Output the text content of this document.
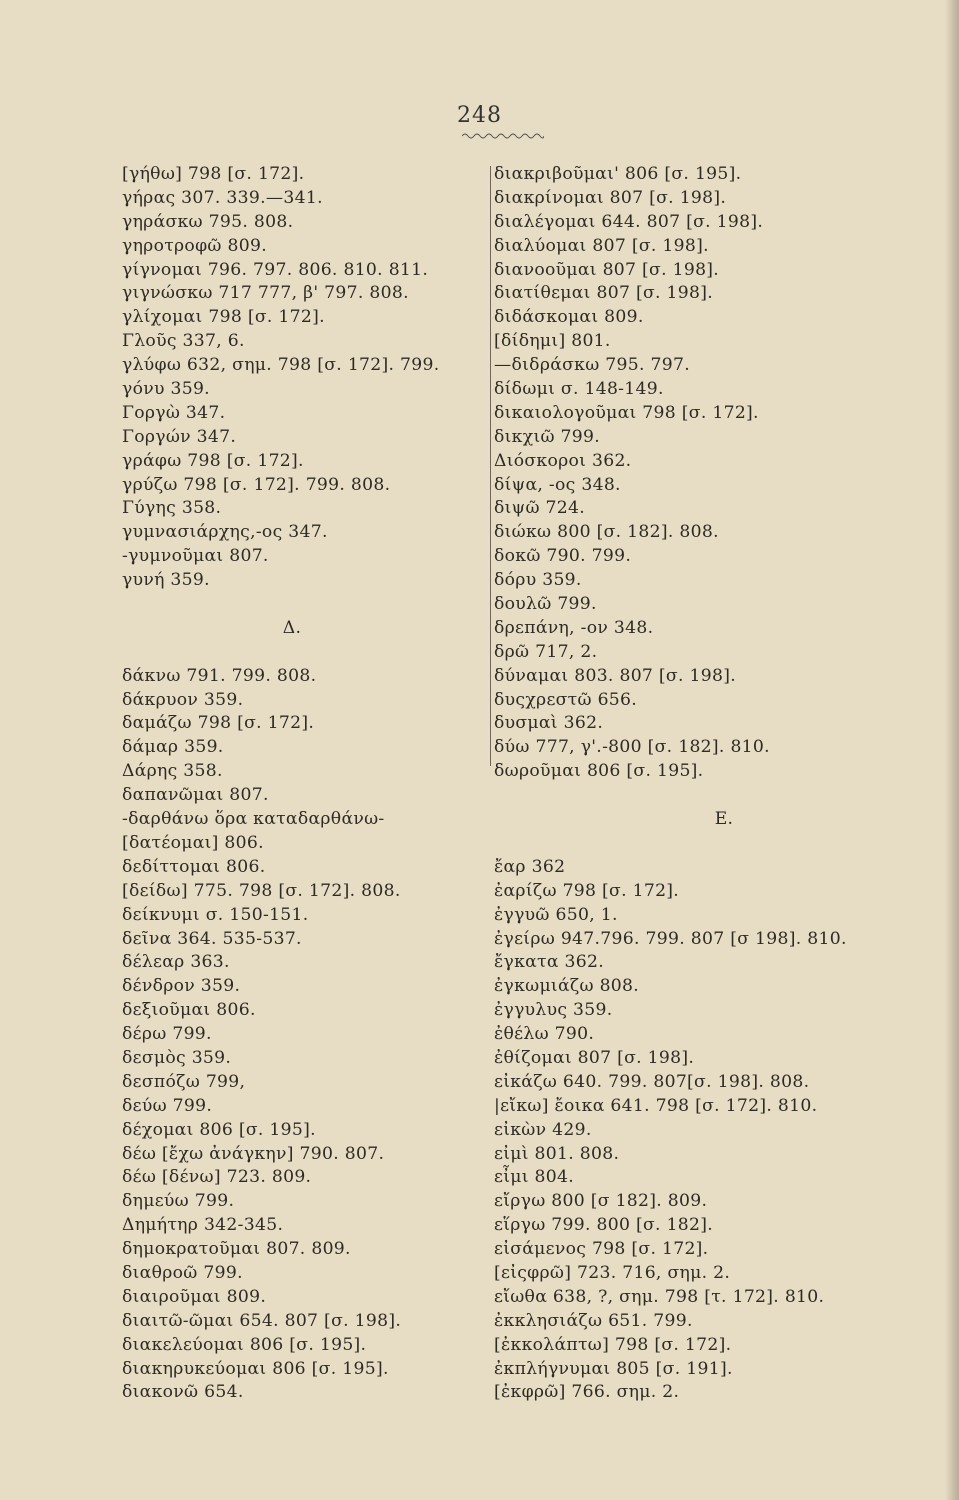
248
[γήθω] 798 [σ. 172].
γήρας 307. 339.—341.
γηράσκω 795. 808.
γηροτροφῶ 809.
γίγνομαι 796. 797. 806. 810. 811.
γιγνώσκω 717 777, β' 797. 808.
γλίχομαι 798 [σ. 172].
Γλοῦς 337, 6.
γλύφω 632, σημ. 798 [σ. 172]. 799.
γόνυ 359.
Γοργὼ 347.
Γοργών 347.
γράφω 798 [σ. 172].
γρύζω 798 [σ. 172]. 799. 808.
Γύγης 358.
γυμνασιάρχης,-ος 347.
-γυμνοῦμαι 807.
γυνή 359.
Δ.
δάκνω 791. 799. 808.
δάκρυον 359.
δαμάζω 798 [σ. 172].
δάμαρ 359.
Δάρης 358.
δαπανῶμαι 807.
-δαρθάνω ὅρα καταδαρθάνω-
[δατέομαι] 806.
δεδίττομαι 806.
[δείδω] 775. 798 [σ. 172]. 808.
δείκνυμι σ. 150-151.
δεῖνα 364. 535-537.
δέλεαρ 363.
δένδρον 359.
δεξιοῦμαι 806.
δέρω 799.
δεσμὸς 359.
δεσπόζω 799,
δεύω 799.
δέχομαι 806 [σ. 195].
δέω [ἔχω ἀνάγκην] 790. 807.
δέω [δένω] 723. 809.
δημεύω 799.
Δημήτηρ 342-345.
δημοκρατοῦμαι 807. 809.
διαθροῶ 799.
διαιροῦμαι 809.
διαιτῶ-ῶμαι 654. 807 [σ. 198].
διακελεύομαι 806 [σ. 195].
διακηρυκεύομαι 806 [σ. 195].
διακονῶ 654.
διακριβοῦμαι' 806 [σ. 195].
διακρίνομαι 807 [σ. 198].
διαλέγομαι 644. 807 [σ. 198].
διαλύομαι 807 [σ. 198].
διανοοῦμαι 807 [σ. 198].
διατίθεμαι 807 [σ. 198].
διδάσκομαι 809.
[δίδημι] 801.
—διδράσκω 795. 797.
δίδωμι σ. 148-149.
δικαιολογοῦμαι 798 [σ. 172].
δικχιῶ 799.
Διόσκοροι 362.
δίψα, -ος 348.
διψῶ 724.
διώκω 800 [σ. 182]. 808.
δοκῶ 790. 799.
δόρυ 359.
δουλῶ 799.
δρεπάνη, -ον 348.
δρῶ 717, 2.
δύναμαι 803. 807 [σ. 198].
δυςχρεστῶ 656.
δυσμαὶ 362.
δύω 777, γ'.-800 [σ. 182]. 810.
δωροῦμαι 806 [σ. 195].
Ε.
ἔαρ 362
ἐαρίζω 798 [σ. 172].
ἐγγυῶ 650, 1.
ἐγείρω 947.796. 799. 807 [σ 198]. 810.
ἔγκατα 362.
ἐγκωμιάζω 808.
ἐγγυλυς 359.
ἐθέλω 790.
ἐθίζομαι 807 [σ. 198].
εἰκάζω 640. 799. 807[σ. 198]. 808.
|εἴκω] ἔοικα 641. 798 [σ. 172]. 810.
εἰκὼν 429.
εἰμὶ 801. 808.
εἶμι 804.
εἴργω 800 [σ 182]. 809.
εἵργω 799. 800 [σ. 182].
εἰσάμενος 798 [σ. 172].
[εἰςφρῶ] 723. 716, σημ. 2.
εἴωθα 638, ?, σημ. 798 [τ. 172]. 810.
ἐκκλησιάζω 651. 799.
[ἐκκολάπτω] 798 [σ. 172].
ἐκπλήγνυμαι 805 [σ. 191].
[ἐκφρῶ] 766. σημ. 2.
